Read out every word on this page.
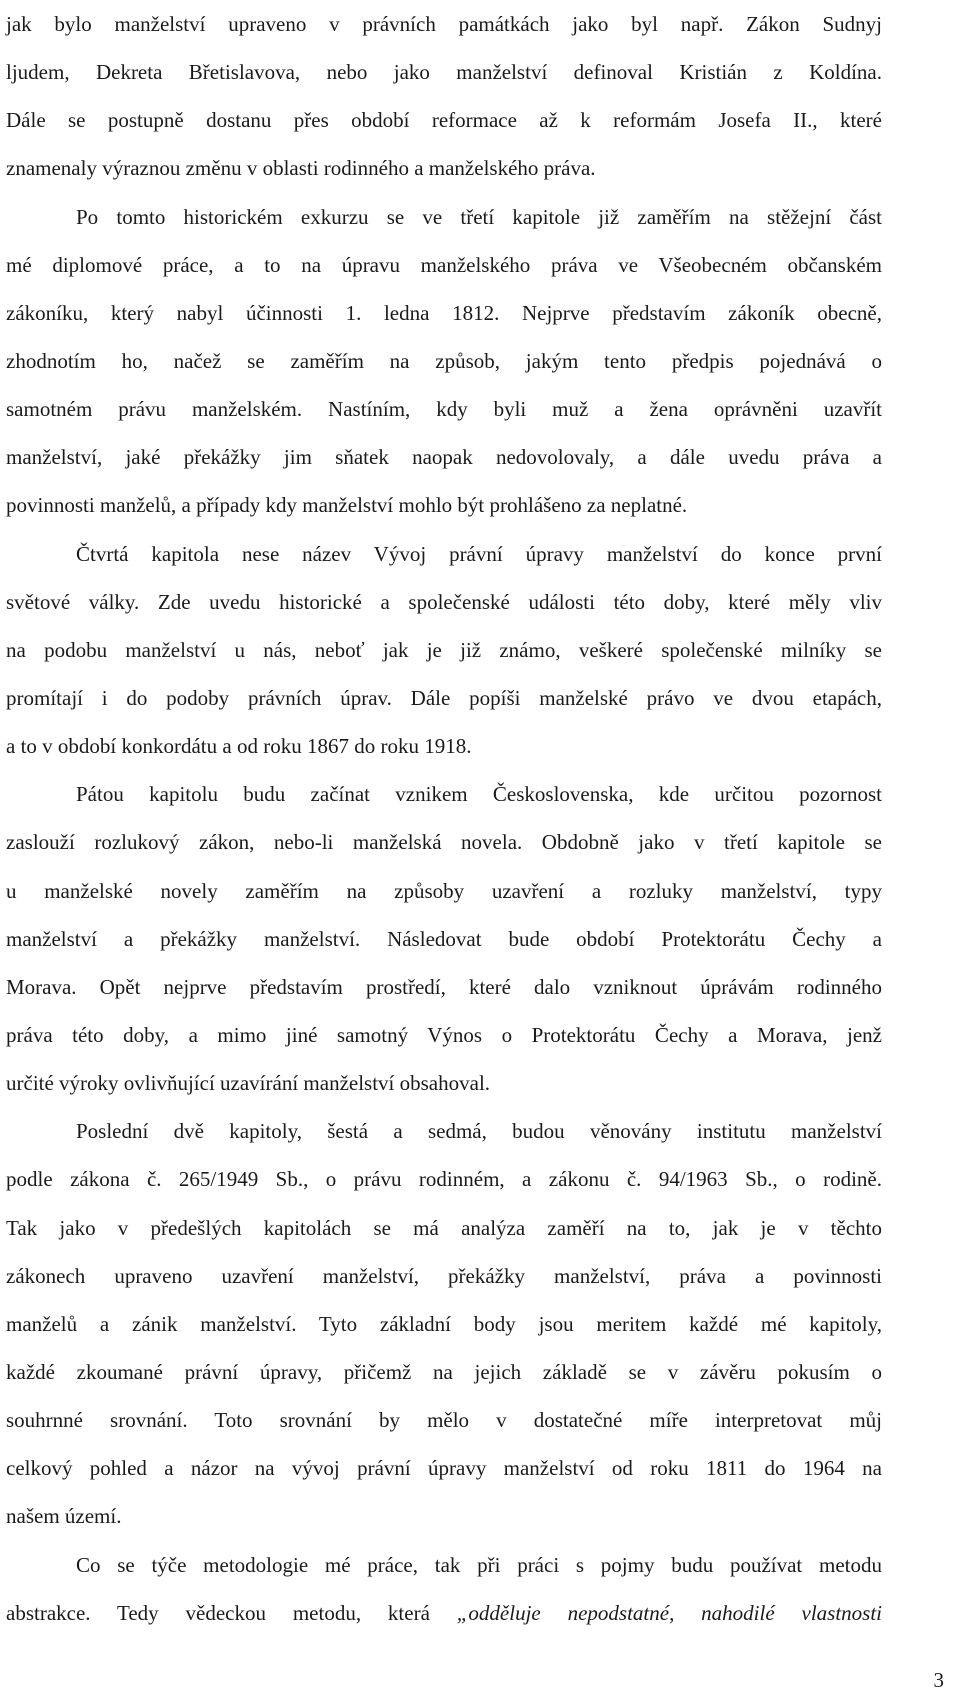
jak bylo manželství upraveno v právních památkách jako byl např. Zákon Sudnyj
ljudem, Dekreta Břetislavova, nebo jako manželství definoval Kristián z Koldína.
Dále se postupně dostanu přes období reformace až k reformám Josefa II., které
znamenaly výraznou změnu v oblasti rodinného a manželského práva.
Po tomto historickém exkurzu se ve třetí kapitole již zaměřím na stěžejní část
mé diplomové práce, a to na úpravu manželského práva ve Všeobecném občanském
zákoníku, který nabyl účinnosti 1. ledna 1812. Nejprve představím zákoník obecně,
zhodnotím ho, načež se zaměřím na způsob, jakým tento předpis pojednává o
samotném právu manželském. Nastíním, kdy byli muž a žena oprávněni uzavřít
manželství, jaké překážky jim sňatek naopak nedovolovaly, a dále uvedu práva a
povinnosti manželů, a případy kdy manželství mohlo být prohlášeno za neplatné.
Čtvrtá kapitola nese název Vývoj právní úpravy manželství do konce první
světové války. Zde uvedu historické a společenské události této doby, které měly vliv
na podobu manželství u nás, neboť jak je již známo, veškeré společenské milníky se
promítají i do podoby právních úprav. Dále popíši manželské právo ve dvou etapách,
a to v období konkordátu a od roku 1867 do roku 1918.
Pátou kapitolu budu začínat vznikem Československa, kde určitou pozornost
zaslouží rozlukový zákon, nebo-li manželská novela. Obdobně jako v třetí kapitole se
u manželské novely zaměřím na způsoby uzavření a rozluky manželství, typy
manželství a překážky manželství. Následovat bude období Protektorátu Čechy a
Morava. Opět nejprve představím prostředí, které dalo vzniknout úprávám rodinného
práva této doby, a mimo jiné samotný Výnos o Protektorátu Čechy a Morava, jenž
určité výroky ovlivňující uzavírání manželství obsahoval.
Poslední dvě kapitoly, šestá a sedmá, budou věnovány institutu manželství
podle zákona č. 265/1949 Sb., o právu rodinném, a zákonu č. 94/1963 Sb., o rodině.
Tak jako v předešlých kapitolách se má analýza zaměří na to, jak je v těchto
zákonech upraveno uzavření manželství, překážky manželství, práva a povinnosti
manželů a zánik manželství. Tyto základní body jsou meritem každé mé kapitoly,
každé zkoumané právní úpravy, přičemž na jejich základě se v závěru pokusím o
souhrnné srovnání. Toto srovnání by mělo v dostatečné míře interpretovat můj
celkový pohled a názor na vývoj právní úpravy manželství od roku 1811 do 1964 na
našem území.
Co se týče metodologie mé práce, tak při práci s pojmy budu používat metodu
abstrakce. Tedy vědeckou metodu, která „odděluje nepodstatné, nahodilé vlastnosti
3
